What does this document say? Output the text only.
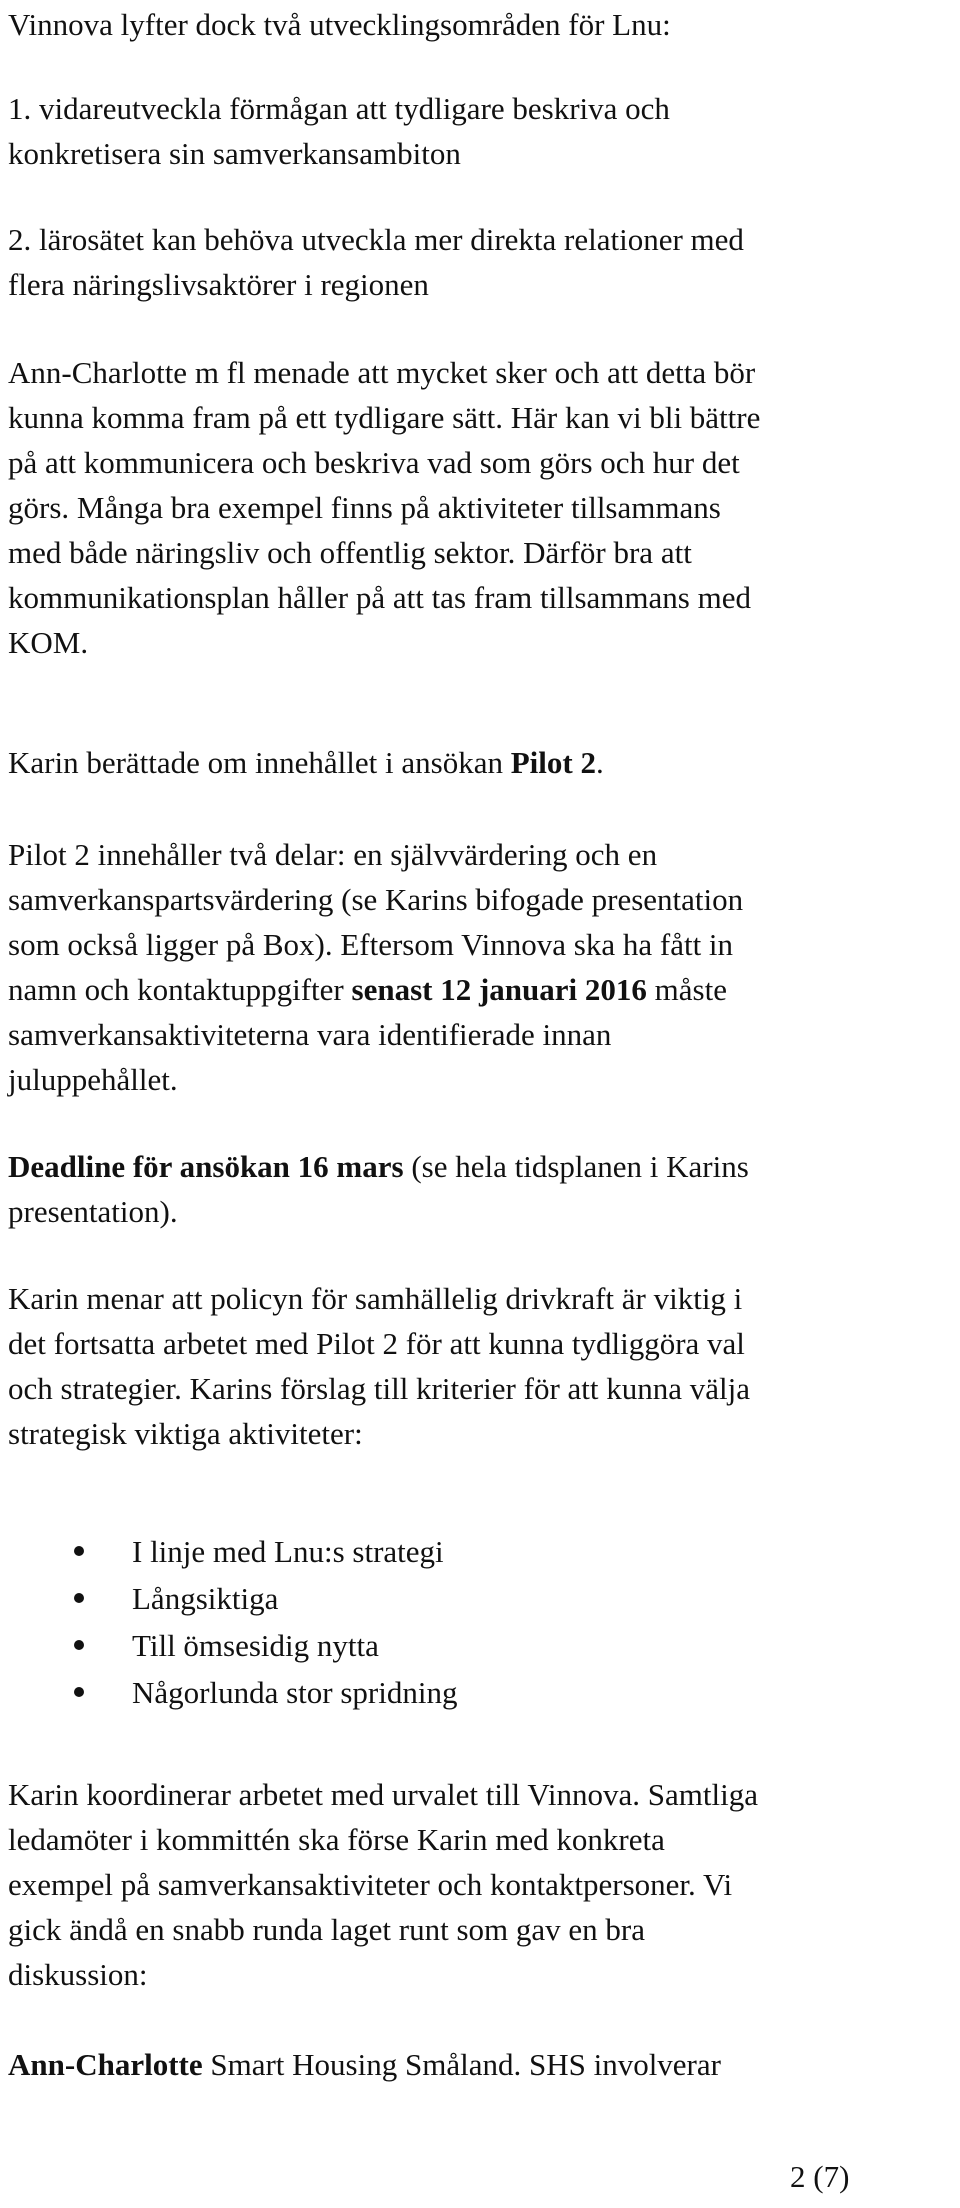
Vinnova lyfter dock två utvecklingsområden för Lnu:

1. vidareutveckla förmågan att tydligare beskriva och
konkretisera sin samverkansambiton

2. lärosätet kan behöva utveckla mer direkta relationer med
flera näringslivsaktörer i regionen

Ann-Charlotte m fl menade att mycket sker och att detta bör
kunna komma fram på ett tydligare sätt. Här kan vi bli bättre
på att kommunicera och beskriva vad som görs och hur det
görs. Många bra exempel finns på aktiviteter tillsammans
med både näringsliv och offentlig sektor. Därför bra att
kommunikationsplan håller på att tas fram tillsammans med
KOM.

Karin berättade om innehållet i ansökan Pilot 2.

Pilot 2 innehåller två delar: en självvärdering och en
samverkanspartsvärdering (se Karins bifogade presentation
som också ligger på Box). Eftersom Vinnova ska ha fått in
namn och kontaktuppgifter senast 12 januari 2016 måste
samverkansaktiviteterna vara identifierade innan
juluppehållet.

Deadline för ansökan 16 mars (se hela tidsplanen i Karins
presentation).

Karin menar att policyn för samhällelig drivkraft är viktig i
det fortsatta arbetet med Pilot 2 för att kunna tydliggöra val
och strategier. Karins förslag till kriterier för att kunna välja
strategisk viktiga aktiviteter:

I linje med Lnu:s strategi
Långsiktiga
Till ömsesidig nytta
Någorlunda stor spridning

Karin koordinerar arbetet med urvalet till Vinnova. Samtliga
ledamöter i kommittén ska förse Karin med konkreta
exempel på samverkansaktiviteter och kontaktpersoner. Vi
gick ändå en snabb runda laget runt som gav en bra
diskussion:

Ann-Charlotte Smart Housing Småland. SHS involverar

2 (7)
